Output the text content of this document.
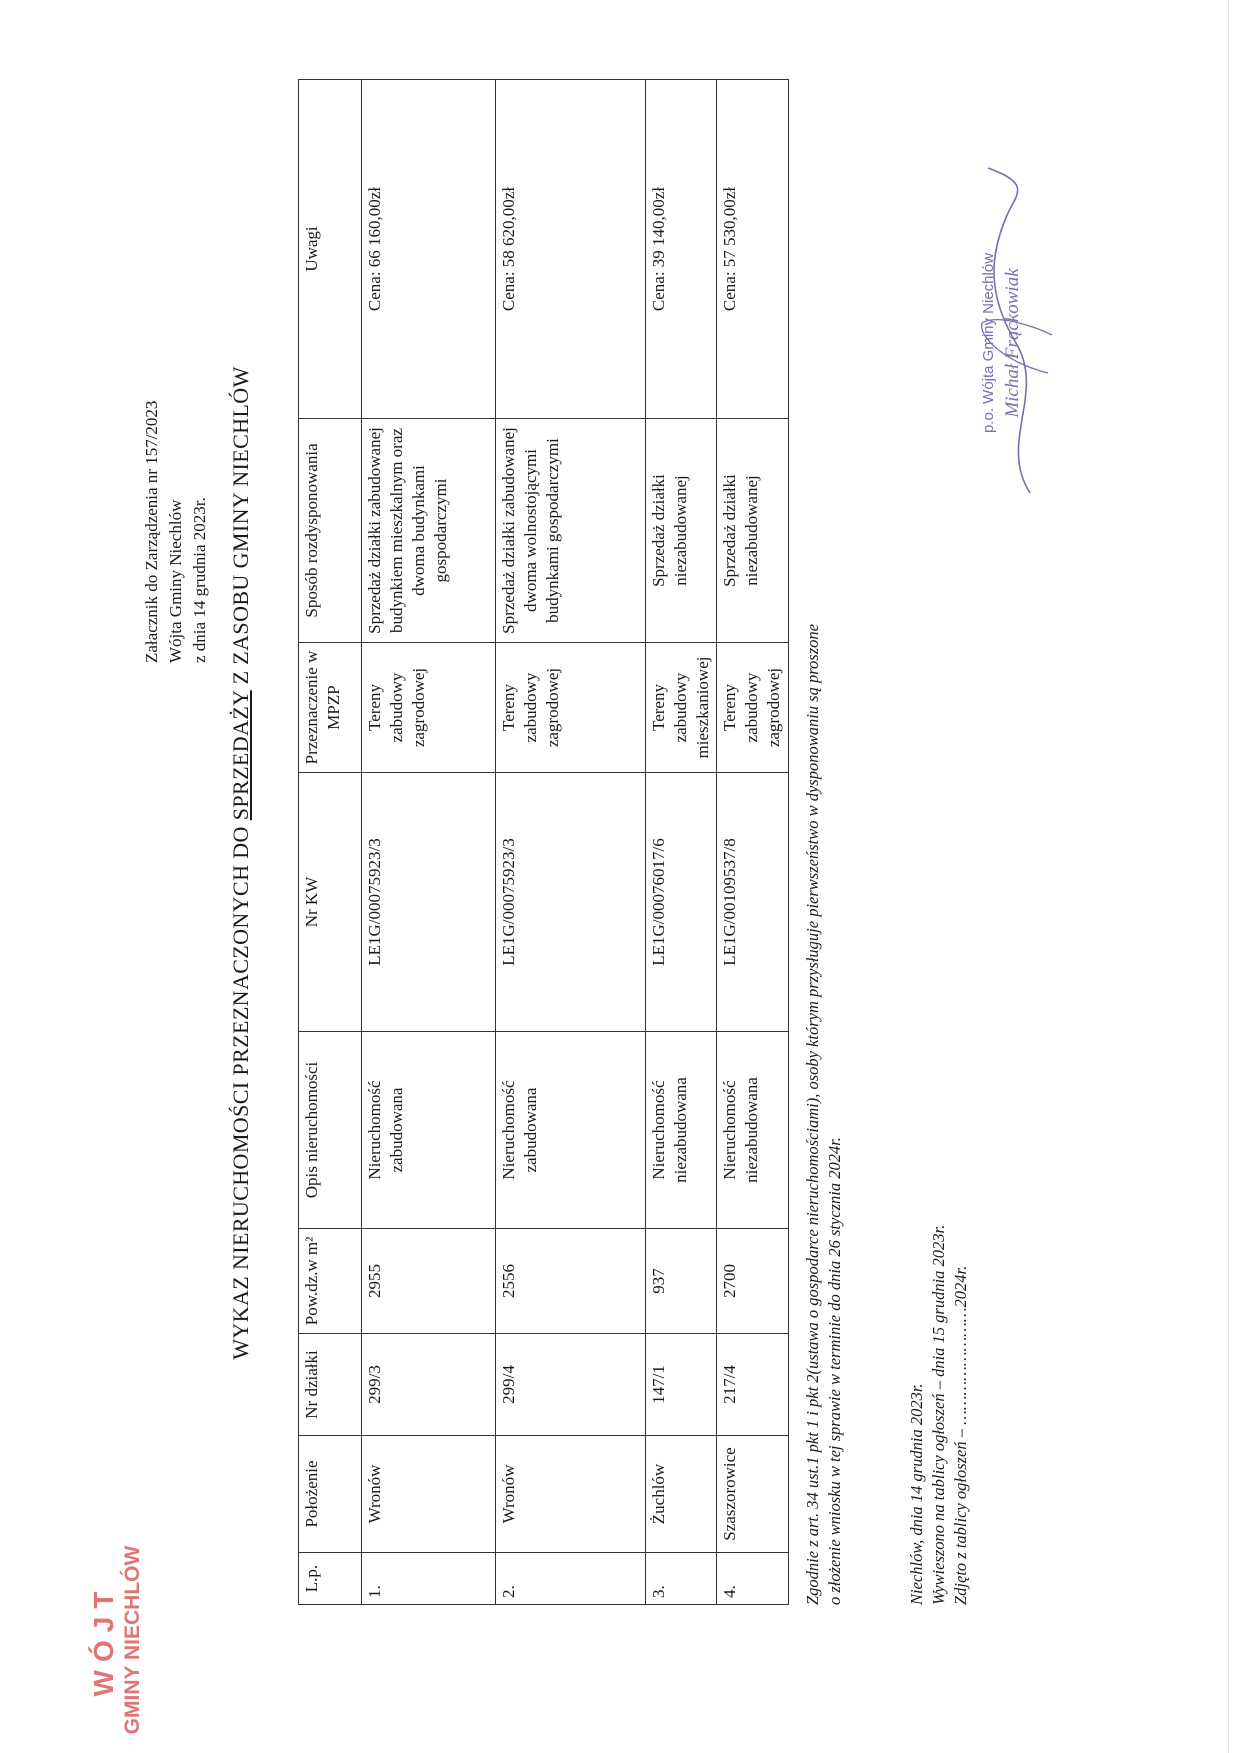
Załacznik do Zarządzenia nr 157/2023 Wójta Gminy Niechlów z dnia 14 grudnia 2023r.
WYKAZ NIERUCHOMOŚCI PRZEZNACZONYCH DO SPRZEDAŻY Z ZASOBU GMINY NIECHLÓW
L.p.	Położenie	Nr działki	Pow.dz.w m²	Opis nieruchomości	Nr KW	Przeznaczenie w MPZP	Sposób rozdysponowania	Uwagi
1.	Wronów	299/3	2955	Nieruchomość zabudowana	LE1G/00075923/3	Tereny zabudowy zagrodowej	Sprzedaż działki zabudowanej budynkiem mieszkalnym oraz dwoma budynkami gospodarczymi	Cena: 66 160,00zł
2.	Wronów	299/4	2556	Nieruchomość zabudowana	LE1G/00075923/3	Tereny zabudowy zagrodowej	Sprzedaż działki zabudowanej dwoma wolnostojącymi budynkami gospodarczymi	Cena: 58 620,00zł
3.	Żuchlów	147/1	937	Nieruchomość niezabudowana	LE1G/00076017/6	Tereny zabudowy mieszkaniowej	Sprzedaż działki niezabudowanej	Cena: 39 140,00zł
4.	Szaszorowice	217/4	2700	Nieruchomość niezabudowana	LE1G/00109537/8	Tereny zabudowy zagrodowej	Sprzedaż działki niezabudowanej	Cena: 57 530,00zł
Zgodnie z art. 34 ust.1 pkt 1 i pkt 2(ustawa o gospodarce nieruchomościami), osoby którym przysługuje pierwszeństwo w dysponowaniu są proszone o złożenie wniosku w tej sprawie w terminie do dnia 26 stycznia 2024r.	Niechlów, dnia 14 grudnia 2023r. Wywieszono na tablicy ogłoszeń – dnia 15 grudnia 2023r. Zdjęto z tablicy ogłoszeń – ……………………2024r.
WÓJT GMINY NIECHLÓW
p.o. Wójta Gminy Niechlów Michał Frąckowiak
